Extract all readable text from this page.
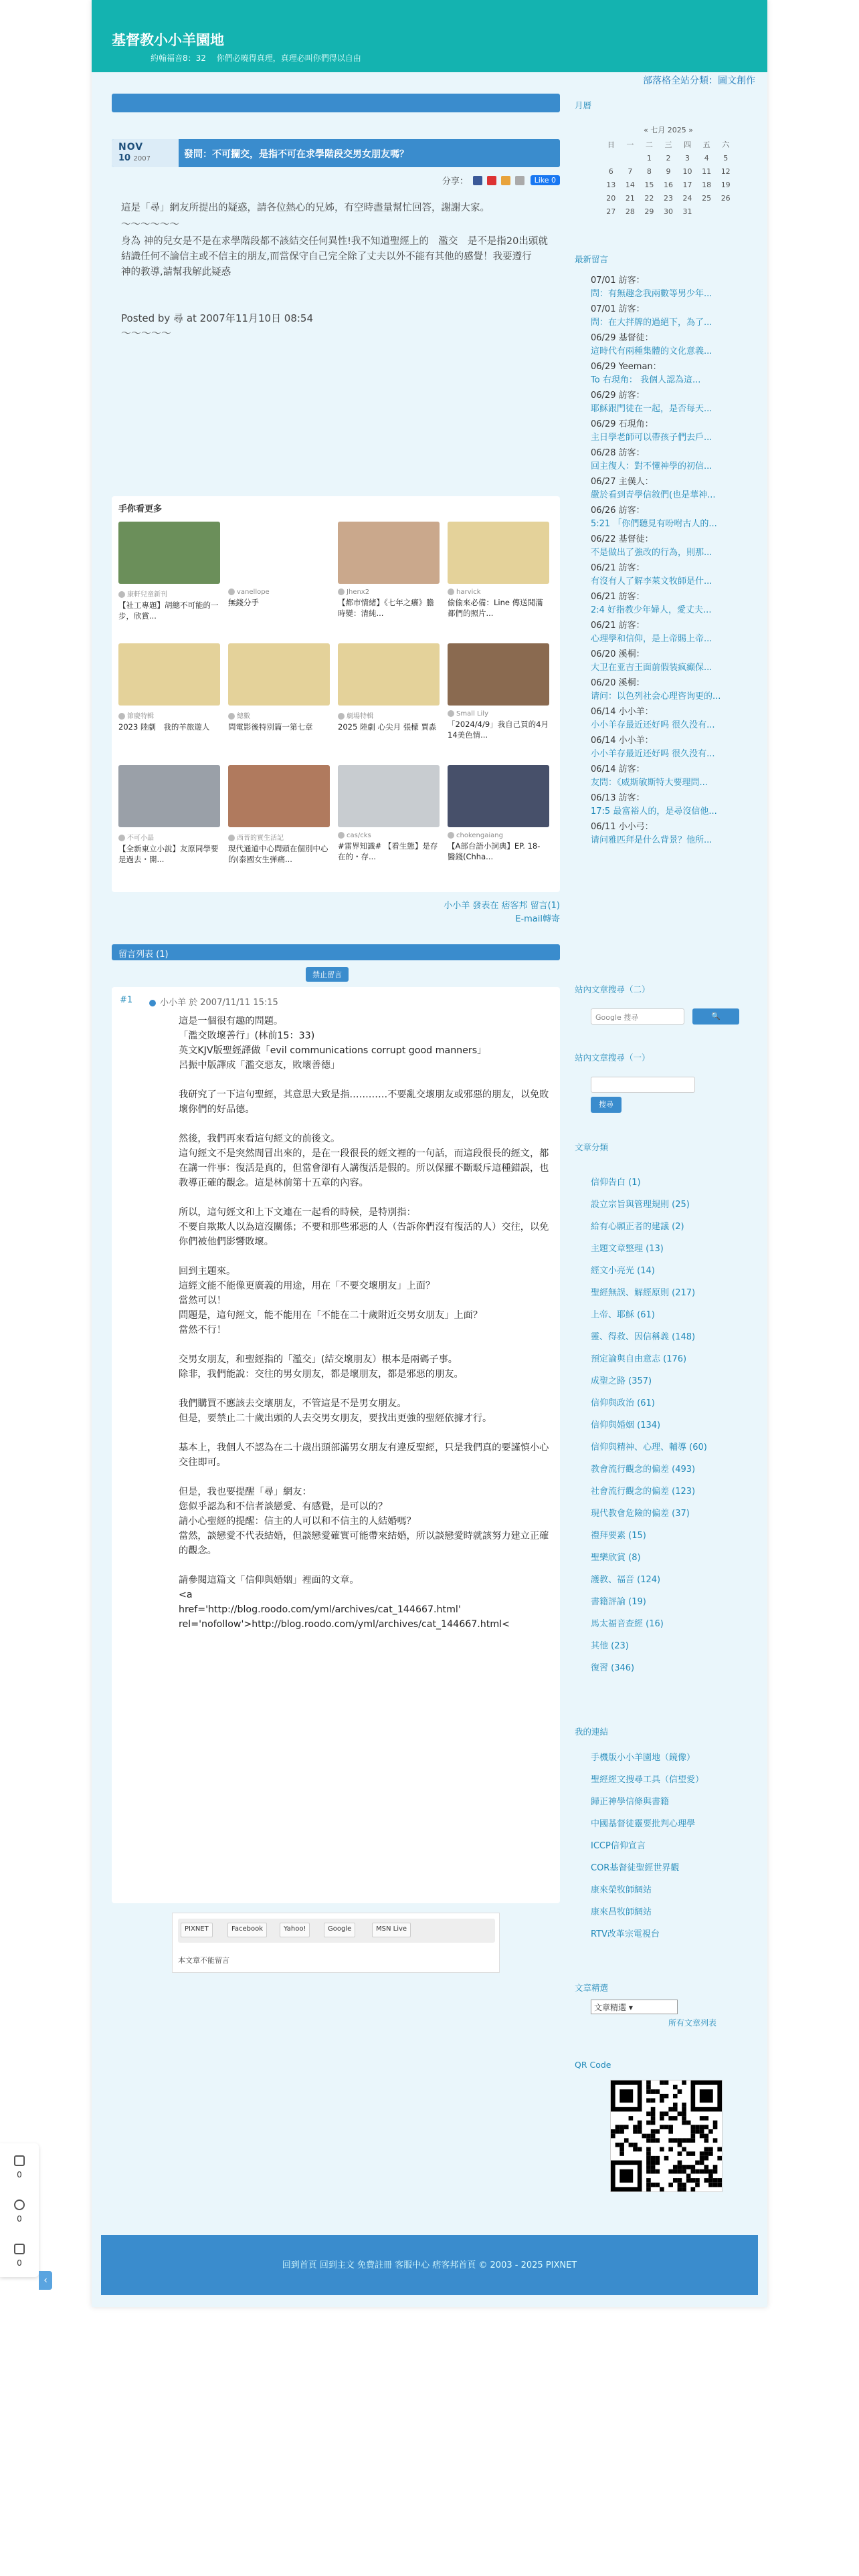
基督教小小羊園地
約翰福音8：32　 你們必曉得真理，真理必叫你們得以自由
部落格全站分類：圖文創作
NOV
10 2007	發問：不可攔交，是指不可在求學階段交男女朋友嗎？
分享：	Like 0

這是「尋」網友所提出的疑惑，請各位熱心的兄姊，有空時盡量幫忙回答，謝謝大家。

～～～～～～

身為 神的兒女是不是在求學階段都不該結交任何異性!我不知道聖經上的　濫交　是不是指20出頭就結識任何不論信主或不信主的朋友,而當保守自己完全除了丈夫以外不能有其他的感覺！我要遵行　神的教導,請幫我解此疑惑

Posted by 尋 at 2007年11月10日 08:54
～～～～～
手你看更多
康軒兒童新刊
【社工專題】胡總不可能的一步，欣賞...
vanellope
無錢分手
Jhenx2
【都市情緒】《七年之癢》膽時變：清純...
harvick
偷偷來必備：Line 傳送聞滿都們的照片...
節慶特輯
2023 陸劇　我的羊旅遊人
總數
問電影後特別篇一第七章
劇場特輯
2025 陸劇 心尖月 張檬 賈淼
Small Lily
「2024/4/9」我自己買的4月14美色情...
不可小晶
【全新東立小說】友原同學要是過去・開...
西晉的實生活記
現代通道中心問頭在個別中心的(泰國女生弹痛...
cas/cks
#雷界知識# 【看生態】是存在的・存...
chokengaiang
【A部台語小詞典】EP. 18- 醫錢(Chha...
小小羊 發表在 痞客邦 留言(1)
E-mail轉寄
留言列表 (1)
禁止留言
#1	小小羊 於 2007/11/11 15:15
這是一個很有趣的問題。
「濫交敗壞善行」(林前15：33)
英文KJV版聖經譯做「evil communications corrupt good manners」
呂振中版譯成「濫交惡友，敗壞善德」

我研究了一下這句聖經，其意思大致是指…………不要亂交壞朋友或邪惡的朋友，以免敗壞你們的好品德。

然後，我們再來看這句經文的前後文。
這句經文不是突然間冒出來的，是在一段很長的經文裡的一句話，而這段很長的經文，都在講一件事：復活是真的，但當會卻有人講復活是假的。所以保羅不斷駁斥這種錯誤，也教導正確的觀念。這是林前第十五章的內容。

所以，這句經文和上下文連在一起看的時候，是特別指：
不要自欺欺人以為這沒關係；不要和那些邪惡的人（告訴你們沒有復活的人）交往，以免你們被他們影響敗壞。

回到主題來。
這經文能不能像更廣義的用途，用在「不要交壞朋友」上面？
當然可以！
問題是，這句經文，能不能用在「不能在二十歲附近交男女朋友」上面？
當然不行！

交男女朋友，和聖經指的「濫交」(結交壞朋友）根本是兩碼子事。
除非，我們能說：交往的男女朋友，都是壞朋友，都是邪惡的朋友。

我們購買不應該去交壞朋友，不管這是不是男女朋友。
但是，要禁止二十歲出頭的人去交男女朋友，要找出更強的聖經依據才行。

基本上，我個人不認為在二十歲出頭部滿男女朋友有違反聖經，只是我們真的要謹慎小心交往即可。

但是，我也要提醒「尋」網友：
您似乎認為和不信者談戀愛、有感覺，是可以的？
請小心聖經的提醒：信主的人可以和不信主的人結婚嗎？
當然，談戀愛不代表結婚，但談戀愛確實可能帶來結婚，所以談戀愛時就該努力建立正確的觀念。

請參閱這篇文「信仰與婚姻」裡面的文章。
<a
href='http://blog.roodo.com/yml/archives/cat_144667.html'
rel='nofollow'>http://blog.roodo.com/yml/archives/cat_144667.html<
PIXNET	Facebook	Yahoo!	Google	MSN Live
本文章不能留言
月曆
« 七月 2025 »
日	一	二	三	四	五	六
		1	2	3	4	5
6	7	8	9	10	11	12
13	14	15	16	17	18	19
20	21	22	23	24	25	26
27	28	29	30	31		
最新留言
07/01 訪客：
問：有無趣念我兩數等男少年...
07/01 訪客：
問：在大拌牌的過絕下，為了...
06/29 基督徒：
這時代有兩種集體的文化意義...
06/29 Yeeman：
To 右現角： 我個人認為這...
06/29 訪客：
耶穌跟門徒在一起，是否每天...
06/29 石現角：
主日學老師可以帶孩子們去戶...
06/28 訪客：
回主復人：對不懂神學的初信...
06/27 主僕人：
嚴於看到青學信敘們(也是華神...
06/26 訪客：
5:21 「你們聽見有吩咐古人的...
06/22 基督徒：
不是做出了強改的行為，則那...
06/21 訪客：
有沒有人了解李萊文牧師是什...
06/21 訪客：
2:4 好指教少年婦人，愛丈夫...
06/21 訪客：
心理學和信仰，是上帝賜上帝...
06/20 溪桐：
大卫在亚吉王面前假装疯癫保...
06/20 溪桐：
请问：以色列社会心理咨询更的...
06/14 小小羊：
小小羊存最近还好吗 很久没有...
06/14 小小羊：
小小羊存最近还好吗 很久没有...
06/14 訪客：
友問：《威斯敏斯特大要理問...
06/13 訪客：
17:5 最富裕人的，是尋沒信他...
06/11 小小弓：
请问雅匹拜是什么背景？他所...
站內文章搜尋（二）
Google 搜尋	🔍
站內文章搜尋（一）
搜尋
文章分類
信仰告白 (1)
設立宗旨與管理規則 (25)
給有心願正者的建議 (2)
主題文章整理 (13)
經文小亮光 (14)
聖經無誤、解經原則 (217)
上帝、耶穌 (61)
靈、得救、因信稱義 (148)
預定論與自由意志 (176)
成聖之路 (357)
信仰與政治 (61)
信仰與婚姻 (134)
信仰與精神、心理、輔導 (60)
教會流行觀念的偏差 (493)
社會流行觀念的偏差 (123)
現代教會危險的偏差 (37)
禮拜要素 (15)
聖樂欣賞 (8)
護教、福音 (124)
書籍評論 (19)
馬太福音查經 (16)
其他 (23)
復習 (346)
我的連結
手機版小小羊園地（鏡像）
聖經經文搜尋工具（信望愛）
歸正神學信條與書籍
中國基督徒靈要批判心理學
ICCP信仰宣言
COR基督徒聖經世界觀
康來榮牧師網站
康來昌牧師網站
RTV改革宗電視台
文章精選
文章精選 ▾
所有文章列表
QR Code
回到首頁 回到主文 免費註冊 客服中心 痞客邦首頁 © 2003 - 2025 PIXNET
0
0
0
‹
